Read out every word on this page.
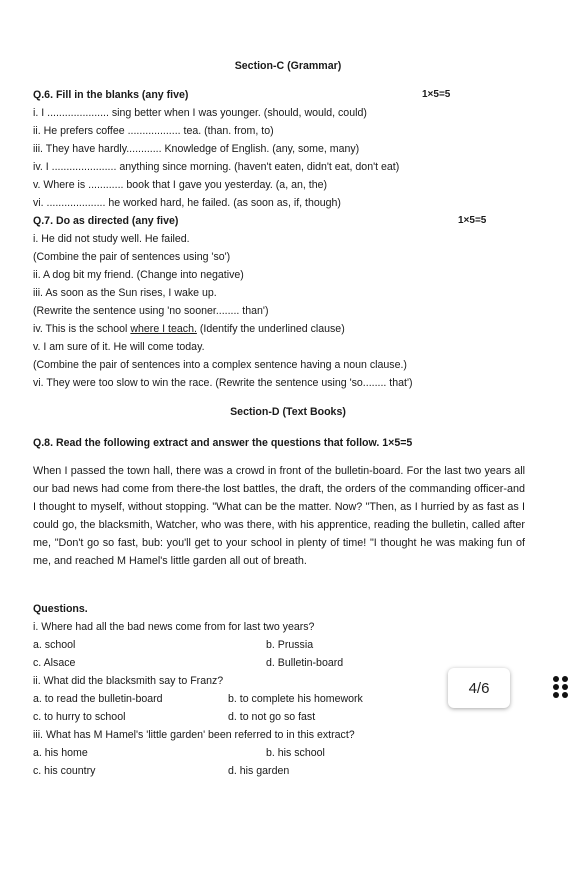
Section-C (Grammar)
Q.6. Fill in the blanks (any five)	1×5=5
i. I ..................... sing better when I was younger. (should, would, could)
ii. He prefers coffee .................. tea. (than. from, to)
iii. They have hardly............ Knowledge of English. (any, some, many)
iv. I ...................... anything since morning. (haven't eaten, didn't eat, don't eat)
v. Where is ............ book that I gave you yesterday. (a, an, the)
vi. .................... he worked hard, he failed. (as soon as, if, though)
Q.7. Do as directed (any five)	1×5=5
i. He did not study well. He failed.
(Combine the pair of sentences using 'so')
ii. A dog bit my friend. (Change into negative)
iii. As soon as the Sun rises, I wake up.
(Rewrite the sentence using 'no sooner........ than')
iv. This is the school where I teach. (Identify the underlined clause)
v. I am sure of it. He will come today.
(Combine the pair of sentences into a complex sentence having a noun clause.)
vi. They were too slow to win the race. (Rewrite the sentence using 'so........ that')
Section-D (Text Books)
Q.8. Read the following extract and answer the questions that follow. 1×5=5
When I passed the town hall, there was a crowd in front of the bulletin-board. For the last two years all our bad news had come from there-the lost battles, the draft, the orders of the commanding officer-and I thought to myself, without stopping. "What can be the matter. Now? "Then, as I hurried by as fast as I could go, the blacksmith, Watcher, who was there, with his apprentice, reading the bulletin, called after me, "Don't go so fast, bub: you'll get to your school in plenty of time! "I thought he was making fun of me, and reached M Hamel's little garden all out of breath.
Questions.
i. Where had all the bad news come from for last two years?
a. school	b. Prussia
c. Alsace	d. Bulletin-board
ii. What did the blacksmith say to Franz?
a. to read the bulletin-board	b. to complete his homework
c. to hurry to school	d. to not go so fast
iii. What has M Hamel's 'little garden' been referred to in this extract?
a. his home	b. his school
c. his country	d. his garden
4/6
